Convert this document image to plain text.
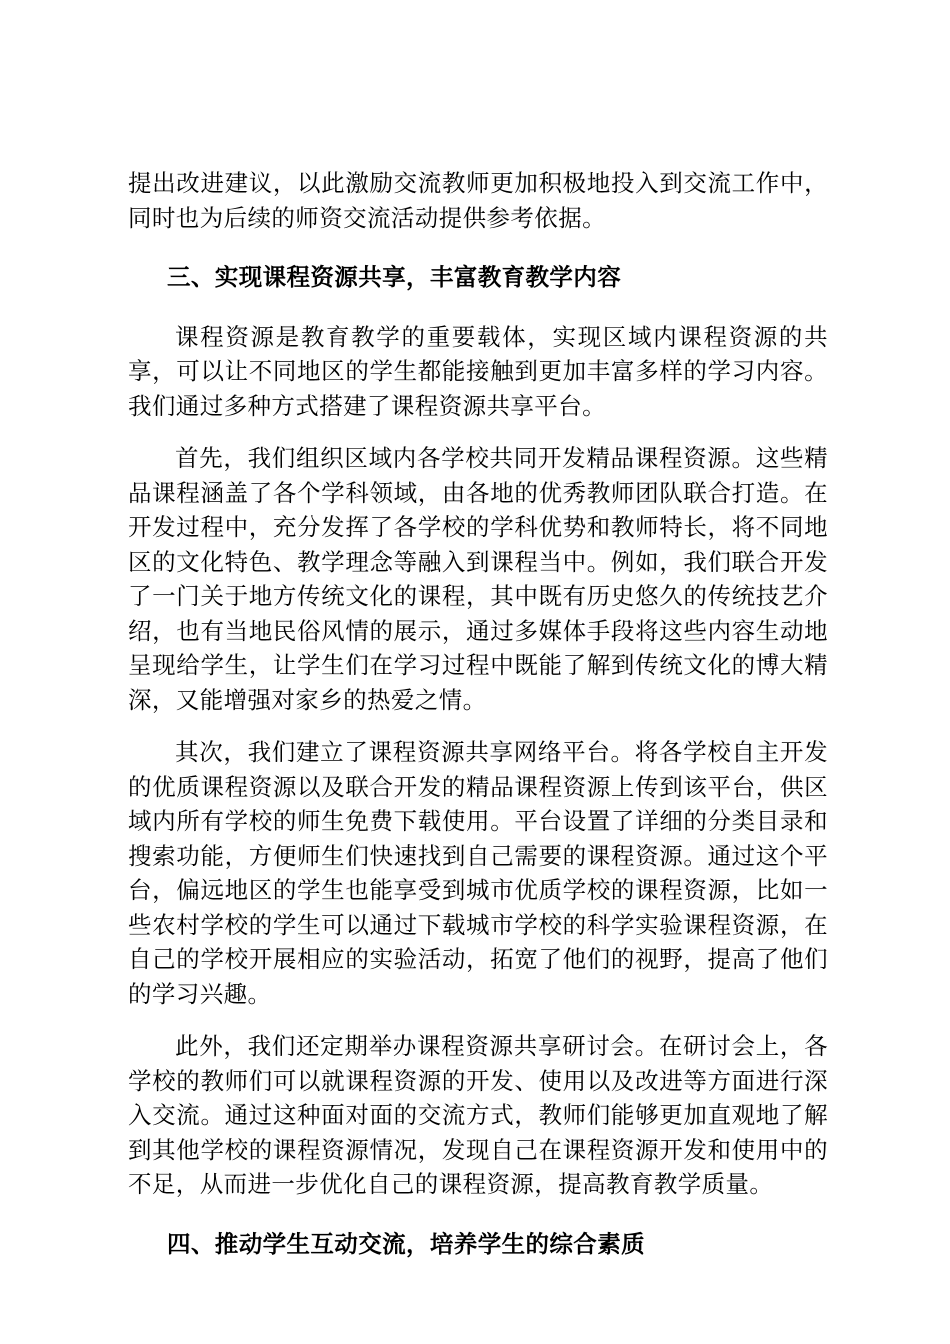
提出改进建议，以此激励交流教师更加积极地投入到交流工作中，同时也为后续的师资交流活动提供参考依据。

三、实现课程资源共享，丰富教育教学内容

课程资源是教育教学的重要载体，实现区域内课程资源的共享，可以让不同地区的学生都能接触到更加丰富多样的学习内容。我们通过多种方式搭建了课程资源共享平台。

首先，我们组织区域内各学校共同开发精品课程资源。这些精品课程涵盖了各个学科领域，由各地的优秀教师团队联合打造。在开发过程中，充分发挥了各学校的学科优势和教师特长，将不同地区的文化特色、教学理念等融入到课程当中。例如，我们联合开发了一门关于地方传统文化的课程，其中既有历史悠久的传统技艺介绍，也有当地民俗风情的展示，通过多媒体手段将这些内容生动地呈现给学生，让学生们在学习过程中既能了解到传统文化的博大精深，又能增强对家乡的热爱之情。

其次，我们建立了课程资源共享网络平台。将各学校自主开发的优质课程资源以及联合开发的精品课程资源上传到该平台，供区域内所有学校的师生免费下载使用。平台设置了详细的分类目录和搜索功能，方便师生们快速找到自己需要的课程资源。通过这个平台，偏远地区的学生也能享受到城市优质学校的课程资源，比如一些农村学校的学生可以通过下载城市学校的科学实验课程资源，在自己的学校开展相应的实验活动，拓宽了他们的视野，提高了他们的学习兴趣。

此外，我们还定期举办课程资源共享研讨会。在研讨会上，各学校的教师们可以就课程资源的开发、使用以及改进等方面进行深入交流。通过这种面对面的交流方式，教师们能够更加直观地了解到其他学校的课程资源情况，发现自己在课程资源开发和使用中的不足，从而进一步优化自己的课程资源，提高教育教学质量。

四、推动学生互动交流，培养学生的综合素质
